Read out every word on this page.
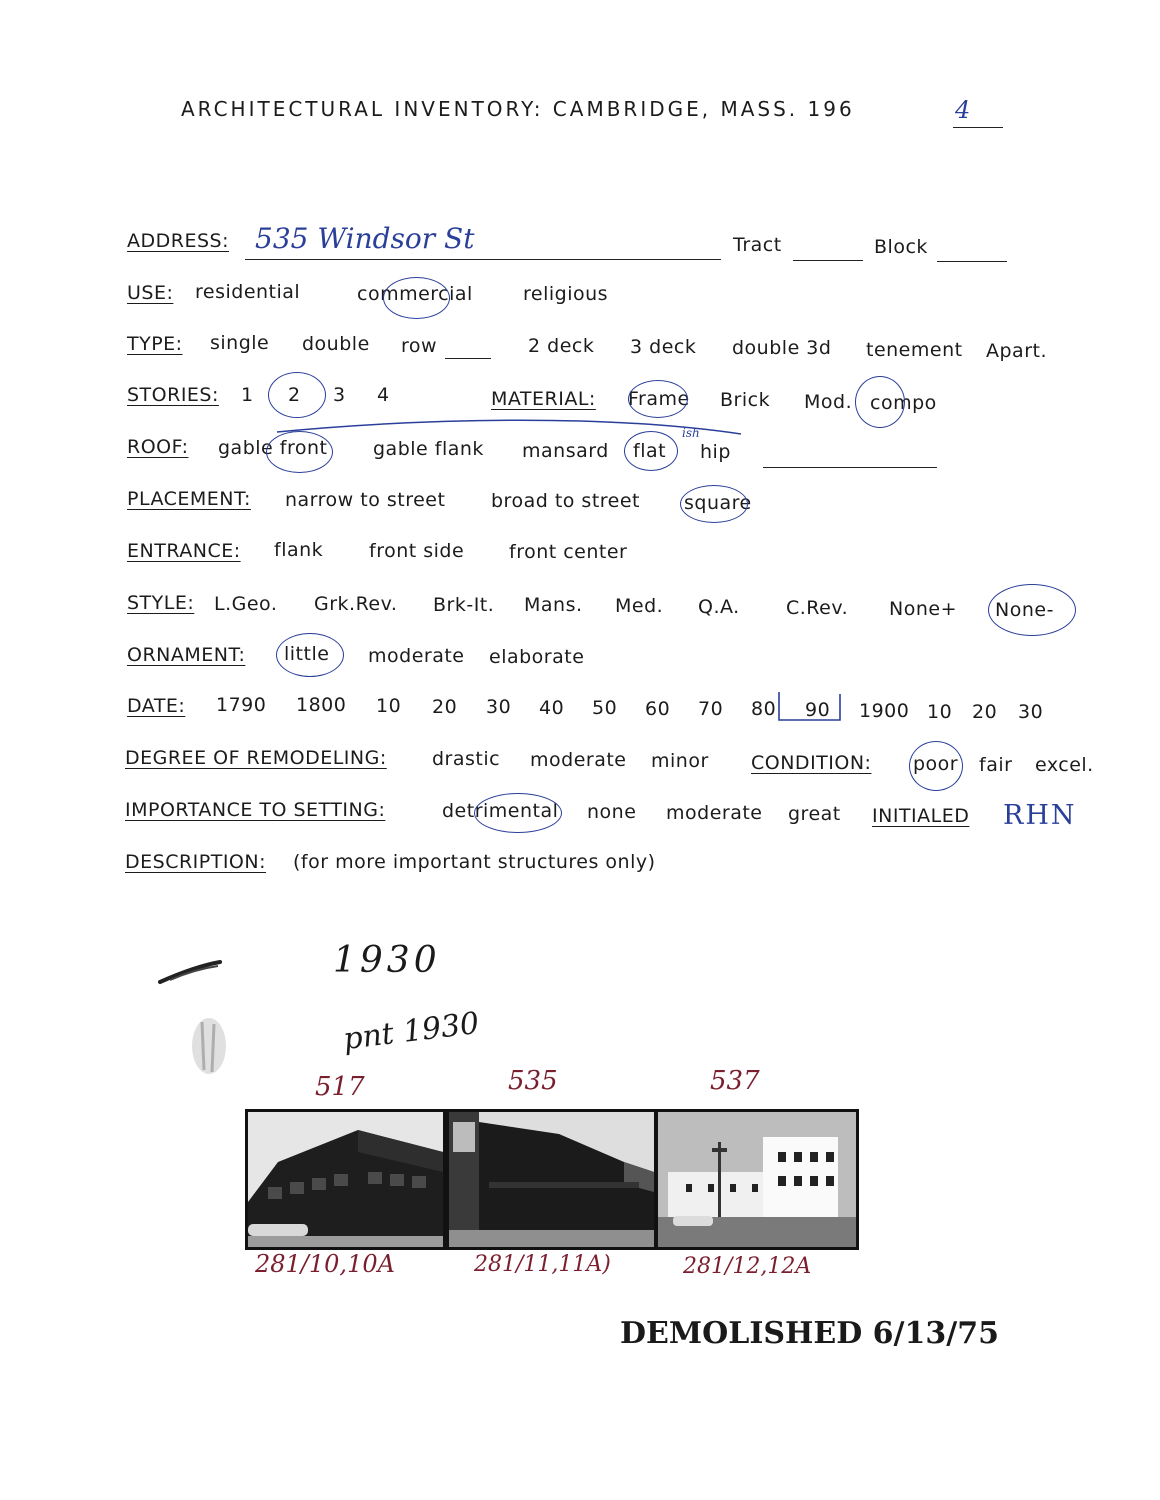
ARCHITECTURAL INVENTORY: CAMBRIDGE, MASS. 196	4
ADDRESS: 535 Windsor St	Tract	Block
USE: residential	commercial	religious
TYPE: single double row	2 deck 3 deck double 3d tenement Apart.
STORIES: 1 2 3 4	MATERIAL: Frame Brick Mod. compo
ROOF: gable front gable flank mansard flat hip
ish
PLACEMENT: narrow to street broad to street square
ENTRANCE: flank front side front center
STYLE: L.Geo. Grk.Rev. Brk-It. Mans. Med. Q.A. C.Rev. None+ None-
ORNAMENT: little moderate elaborate
DATE: 1790 1800 10 20 30 40 50 60 70 80 90 1900 10 20 30
DEGREE OF REMODELING: drastic moderate minor CONDITION: poor fair excel.
IMPORTANCE TO SETTING:	detrimental none moderate great INITIALED RHN
DESCRIPTION: (for more important structures only)
1930
pnt 1930
517	535	537
281/10,10A	281/11,11A)	281/12,12A
DEMOLISHED 6/13/75
